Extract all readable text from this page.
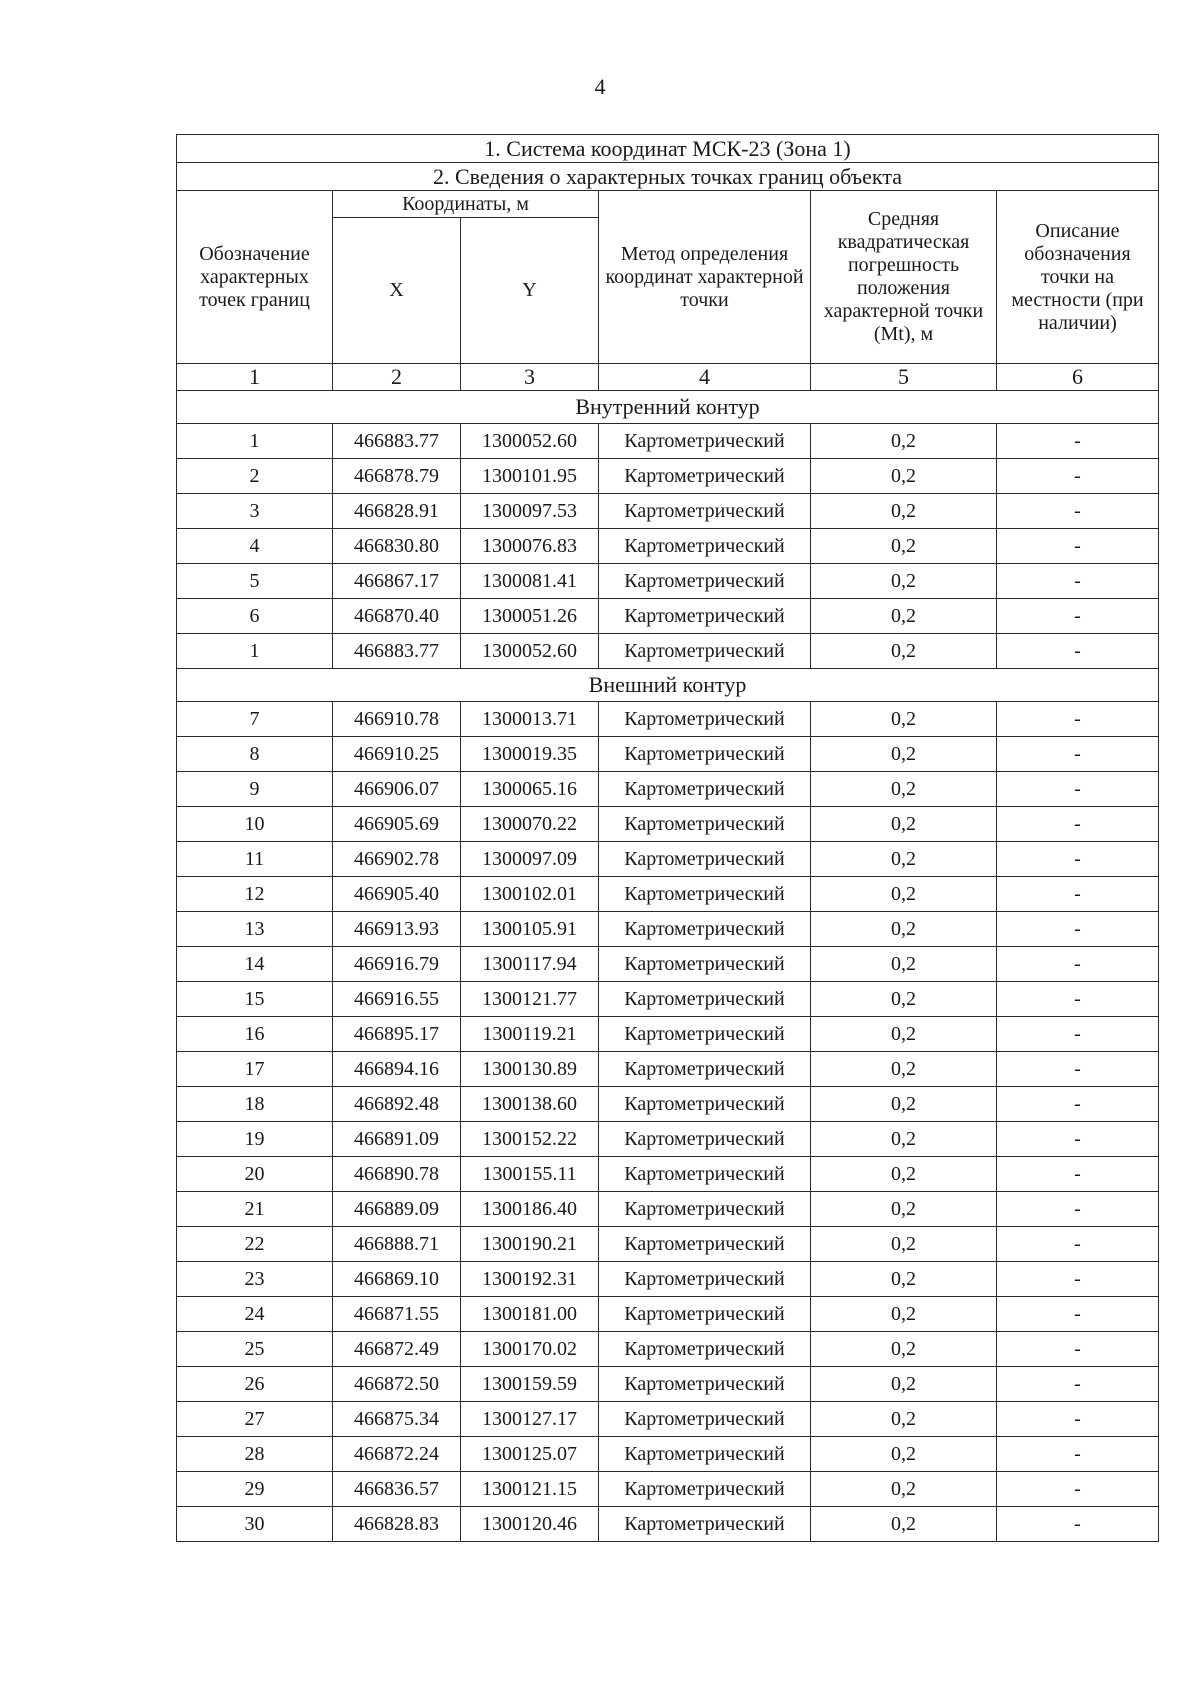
4
1. Система координат МСК-23 (Зона 1)					
2. Сведения о характерных точках границ объекта					
Обозначение характерных точек границ	Координаты, м		Метод определения координат характерной точки	Средняя квадратическая погрешность положения характерной точки (Mt), м	Описание обозначения точки на местности (при наличии)
	X	Y			
1	2	3	4	5	6
Внутренний контур					
1	466883.77	1300052.60	Картометрический	0,2	-
2	466878.79	1300101.95	Картометрический	0,2	-
3	466828.91	1300097.53	Картометрический	0,2	-
4	466830.80	1300076.83	Картометрический	0,2	-
5	466867.17	1300081.41	Картометрический	0,2	-
6	466870.40	1300051.26	Картометрический	0,2	-
1	466883.77	1300052.60	Картометрический	0,2	-
Внешний контур					
7	466910.78	1300013.71	Картометрический	0,2	-
8	466910.25	1300019.35	Картометрический	0,2	-
9	466906.07	1300065.16	Картометрический	0,2	-
10	466905.69	1300070.22	Картометрический	0,2	-
11	466902.78	1300097.09	Картометрический	0,2	-
12	466905.40	1300102.01	Картометрический	0,2	-
13	466913.93	1300105.91	Картометрический	0,2	-
14	466916.79	1300117.94	Картометрический	0,2	-
15	466916.55	1300121.77	Картометрический	0,2	-
16	466895.17	1300119.21	Картометрический	0,2	-
17	466894.16	1300130.89	Картометрический	0,2	-
18	466892.48	1300138.60	Картометрический	0,2	-
19	466891.09	1300152.22	Картометрический	0,2	-
20	466890.78	1300155.11	Картометрический	0,2	-
21	466889.09	1300186.40	Картометрический	0,2	-
22	466888.71	1300190.21	Картометрический	0,2	-
23	466869.10	1300192.31	Картометрический	0,2	-
24	466871.55	1300181.00	Картометрический	0,2	-
25	466872.49	1300170.02	Картометрический	0,2	-
26	466872.50	1300159.59	Картометрический	0,2	-
27	466875.34	1300127.17	Картометрический	0,2	-
28	466872.24	1300125.07	Картометрический	0,2	-
29	466836.57	1300121.15	Картометрический	0,2	-
30	466828.83	1300120.46	Картометрический	0,2	-
